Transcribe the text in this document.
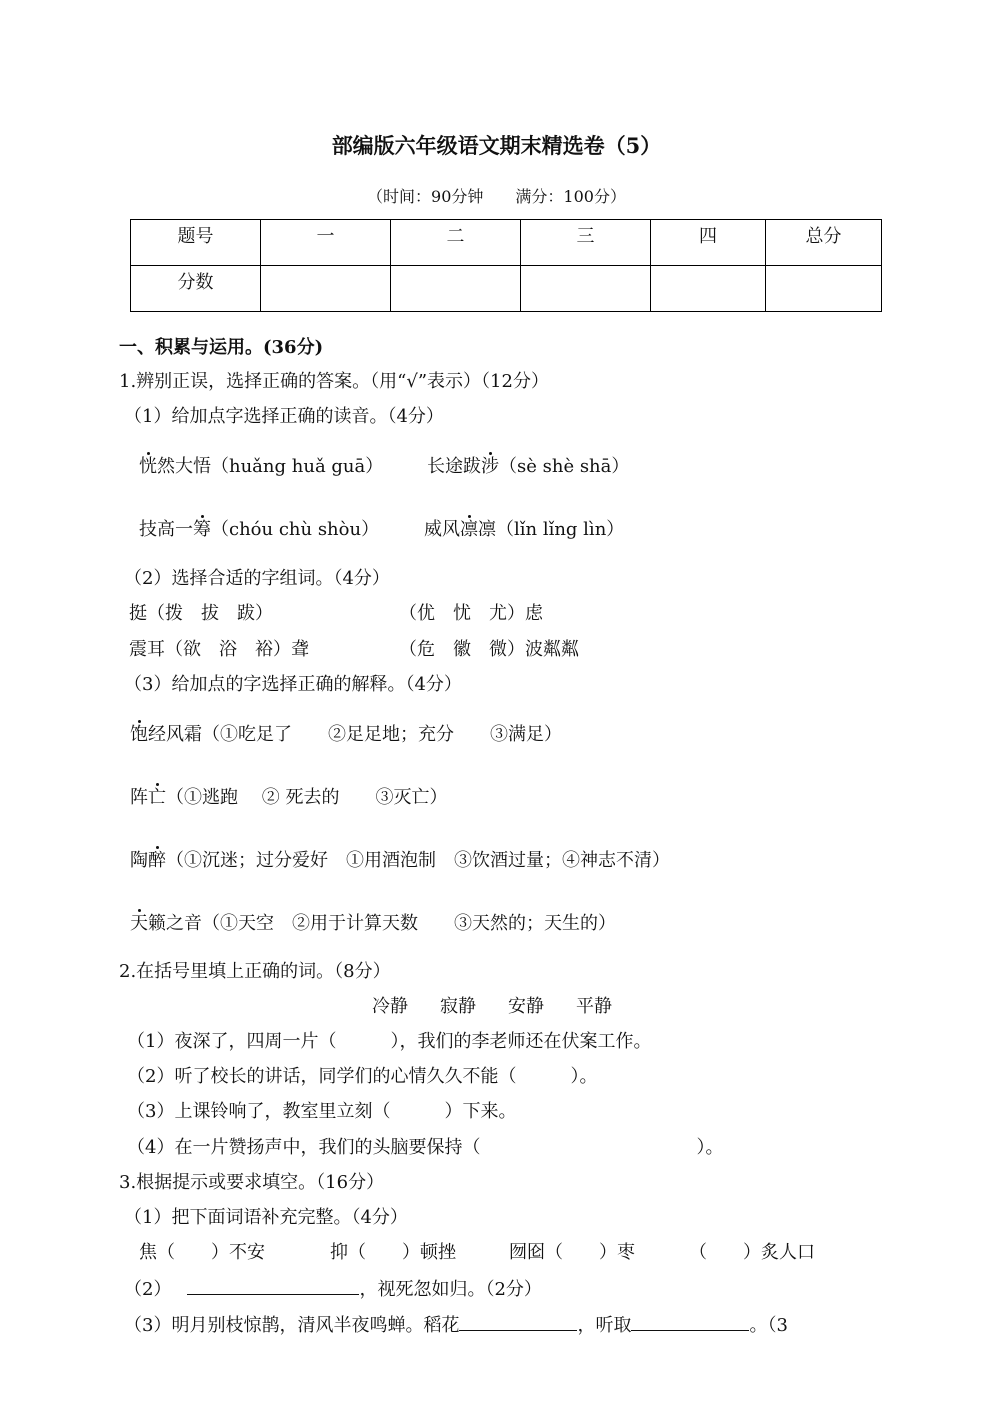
部编版六年级语文期末精选卷（5）
（时间：90分钟　　满分：100分）
题号	一	二	三	四	总分
分数					
一、积累与运用。(36分)
1.辨别正误，选择正确的答案。（用“√”表示）（12分）
（1）给加点字选择正确的读音。（4分）
恍然大悟（huǎng huǎ guā） 长途跋涉（sè shè shā）
技高一筹（chóu chù shòu） 威风凛凛（lǐn lǐng lìn）
（2）选择合适的字组词。（4分）
挺（拨　拔　跋）	（优　忧　尤）虑
震耳（欲　浴　裕）聋	（危　徽　微）波粼粼
（3）给加点的字选择正确的解释。（4分）
饱经风霜（①吃足了　　②足足地；充分　　③满足）
阵亡（①逃跑　 ② 死去的　　③灭亡）
陶醉（①沉迷；过分爱好　①用酒泡制　③饮酒过量；④神志不清）
天籁之音（①天空　②用于计算天数　　③天然的；天生的）
2.在括号里填上正确的词。（8分）
冷静 寂静 安静 平静
（1）夜深了，四周一片（　　　），我们的李老师还在伏案工作。
（2）听了校长的讲话，同学们的心情久久不能（　　　）。
（3）上课铃响了，教室里立刻（　　　）下来。
（4）在一片赞扬声中，我们的头脑要保持（　　　　　　　　　　　　）。
3.根据提示或要求填空。（16分）
（1）把下面词语补充完整。（4分）
焦（　　）不安	抑（　　）顿挫	囫囵（　　）枣	（　　）炙人口
（2）	，视死忽如归。（2分）
（3）明月别枝惊鹊，清风半夜鸣蝉。稻花	，听取	。（3
